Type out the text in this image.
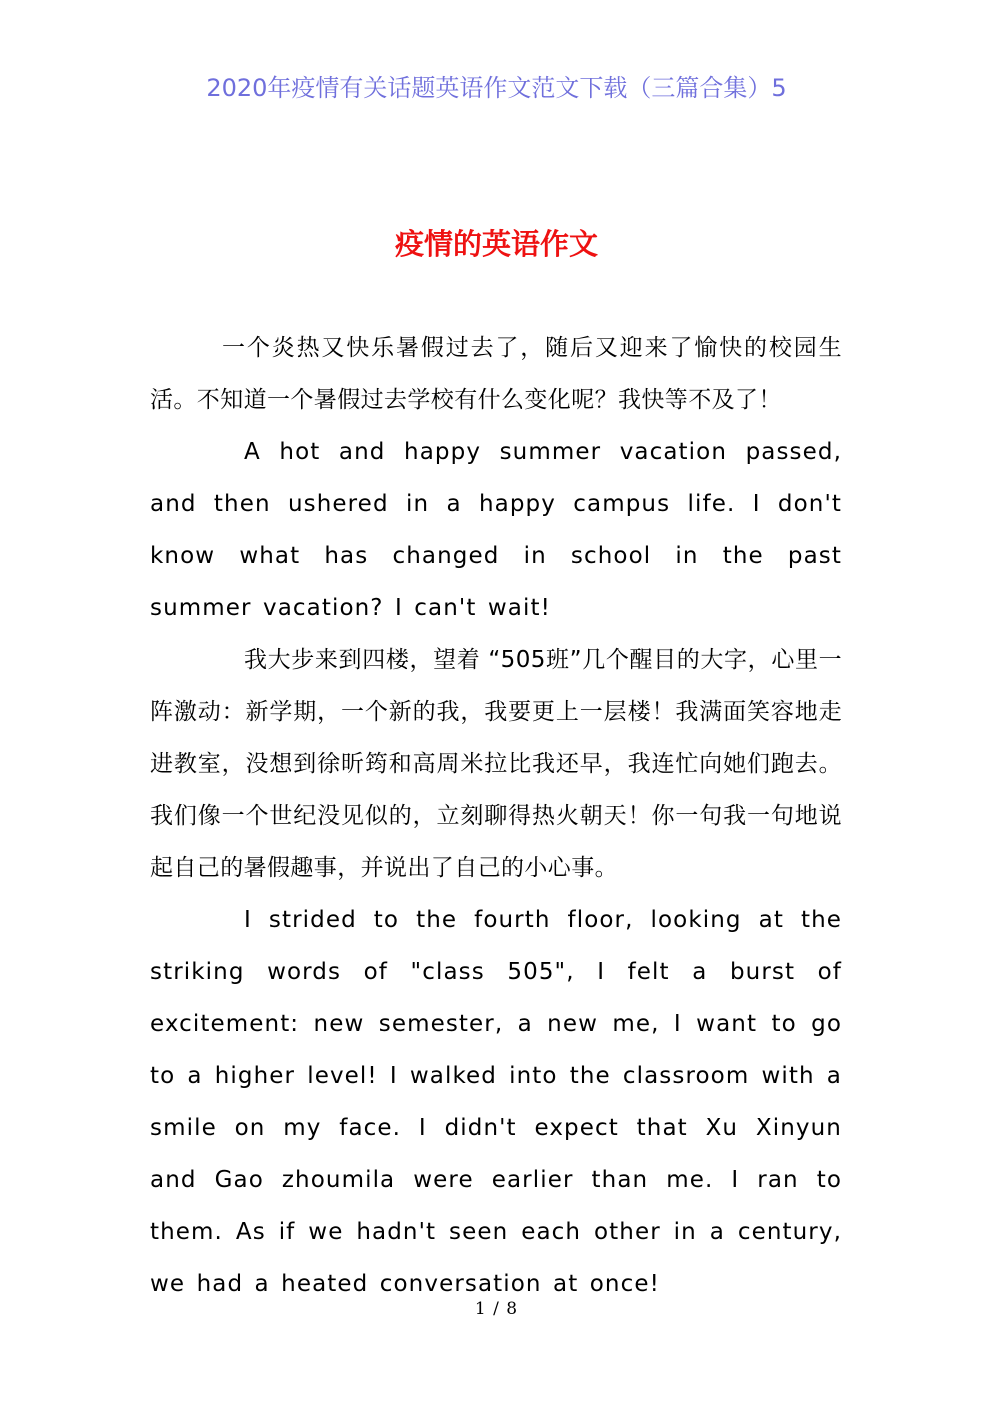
2020年疫情有关话题英语作文范文下载（三篇合集）5
疫情的英语作文

一个炎热又快乐暑假过去了，随后又迎来了愉快的校园生活。不知道一个暑假过去学校有什么变化呢？我快等不及了！

A hot and happy summer vacation passed, and then ushered in a happy campus life. I don't know what has changed in school in the past summer vacation? I can't wait!

我大步来到四楼，望着 “505班”几个醒目的大字，心里一阵激动：新学期，一个新的我，我要更上一层楼！我满面笑容地走进教室，没想到徐昕筠和高周米拉比我还早，我连忙向她们跑去。我们像一个世纪没见似的，立刻聊得热火朝天！你一句我一句地说起自己的暑假趣事，并说出了自己的小心事。

I strided to the fourth floor, looking at the striking words of "class 505", I felt a burst of excitement: new semester, a new me, I want to go to a higher level! I walked into the classroom with a smile on my face. I didn't expect that Xu Xinyun and Gao zhoumila were earlier than me. I ran to them. As if we hadn't seen each other in a century, we had a heated conversation at once!

1 / 8
